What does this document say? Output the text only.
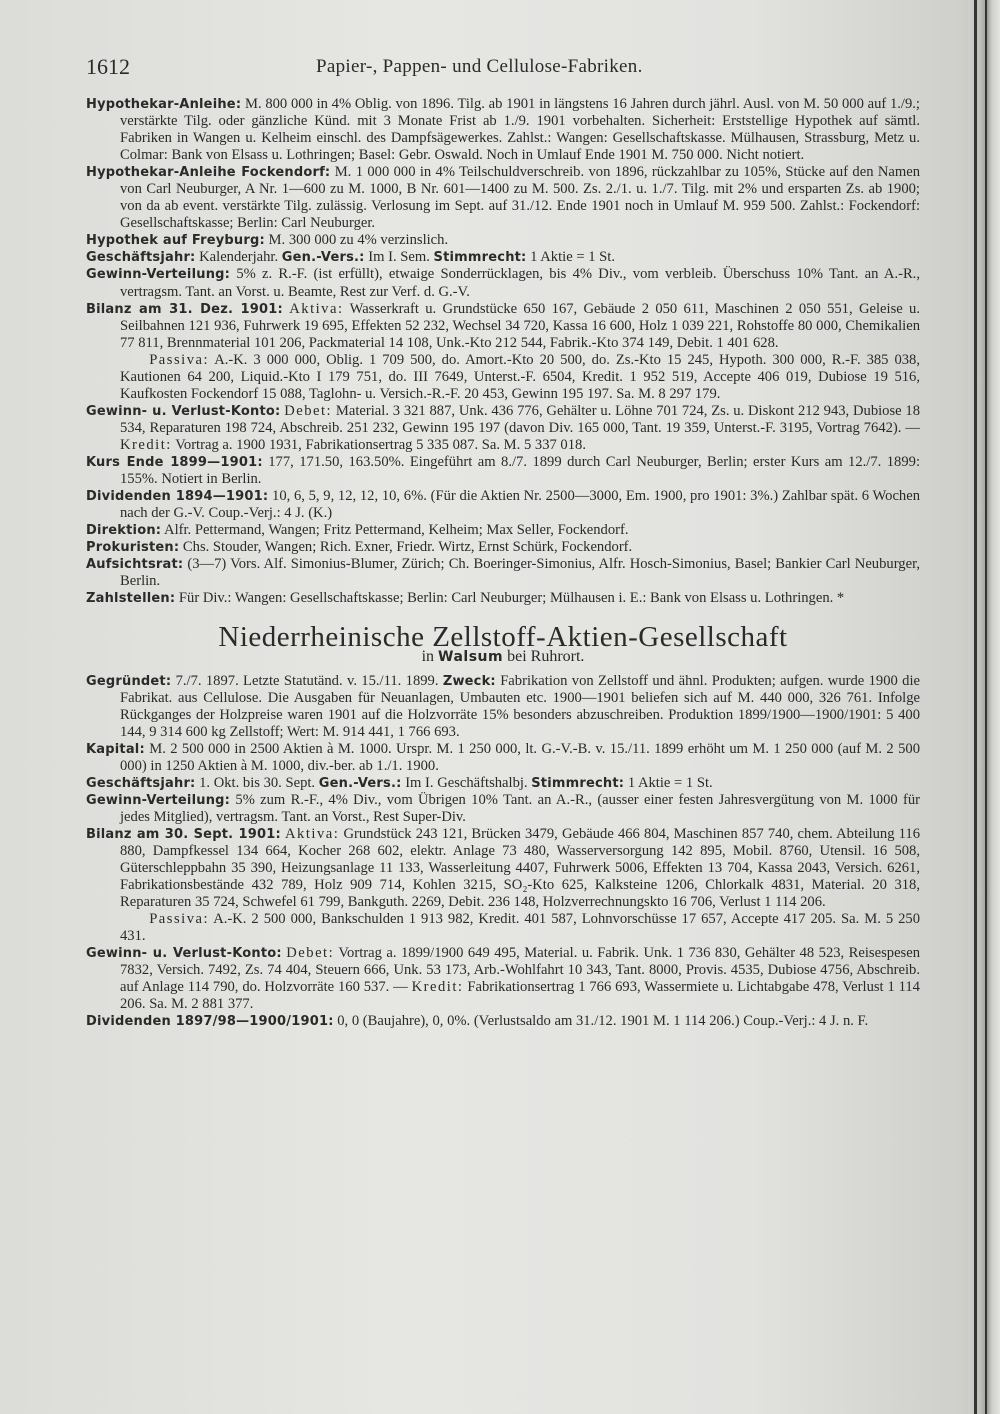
1612	Papier-, Pappen- und Cellulose-Fabriken.

Hypothekar-Anleihe: M. 800 000 in 4% Oblig. von 1896. Tilg. ab 1901 in längstens 16 Jahren durch jährl. Ausl. von M. 50 000 auf 1./9.; verstärkte Tilg. oder gänzliche Künd. mit 3 Monate Frist ab 1./9. 1901 vorbehalten. Sicherheit: Erststellige Hypothek auf sämtl. Fabriken in Wangen u. Kelheim einschl. des Dampfsägewerkes. Zahlst.: Wangen: Gesellschaftskasse. Mülhausen, Strassburg, Metz u. Colmar: Bank von Elsass u. Lothringen; Basel: Gebr. Oswald. Noch in Umlauf Ende 1901 M. 750 000. Nicht notiert.

Hypothekar-Anleihe Fockendorf: M. 1 000 000 in 4% Teilschuldverschreib. von 1896, rückzahlbar zu 105%, Stücke auf den Namen von Carl Neuburger, A Nr. 1—600 zu M. 1000, B Nr. 601—1400 zu M. 500. Zs. 2./1. u. 1./7. Tilg. mit 2% und ersparten Zs. ab 1900; von da ab event. verstärkte Tilg. zulässig. Verlosung im Sept. auf 31./12. Ende 1901 noch in Umlauf M. 959 500. Zahlst.: Fockendorf: Gesellschaftskasse; Berlin: Carl Neuburger.

Hypothek auf Freyburg: M. 300 000 zu 4% verzinslich.

Geschäftsjahr: Kalenderjahr. Gen.-Vers.: Im I. Sem. Stimmrecht: 1 Aktie = 1 St.

Gewinn-Verteilung: 5% z. R.-F. (ist erfüllt), etwaige Sonderrücklagen, bis 4% Div., vom verbleib. Überschuss 10% Tant. an A.-R., vertragsm. Tant. an Vorst. u. Beamte, Rest zur Verf. d. G.-V.

Bilanz am 31. Dez. 1901: Aktiva: Wasserkraft u. Grundstücke 650 167, Gebäude 2 050 611, Maschinen 2 050 551, Geleise u. Seilbahnen 121 936, Fuhrwerk 19 695, Effekten 52 232, Wechsel 34 720, Kassa 16 600, Holz 1 039 221, Rohstoffe 80 000, Chemikalien 77 811, Brennmaterial 101 206, Packmaterial 14 108, Unk.-Kto 212 544, Fabrik.-Kto 374 149, Debit. 1 401 628.

  Passiva: A.-K. 3 000 000, Oblig. 1 709 500, do. Amort.-Kto 20 500, do. Zs.-Kto 15 245, Hypoth. 300 000, R.-F. 385 038, Kautionen 64 200, Liquid.-Kto I 179 751, do. III 7649, Unterst.-F. 6504, Kredit. 1 952 519, Accepte 406 019, Dubiose 19 516, Kaufkosten Fockendorf 15 088, Taglohn- u. Versich.-R.-F. 20 453, Gewinn 195 197. Sa. M. 8 297 179.

Gewinn- u. Verlust-Konto: Debet: Material. 3 321 887, Unk. 436 776, Gehälter u. Löhne 701 724, Zs. u. Diskont 212 943, Dubiose 18 534, Reparaturen 198 724, Abschreib. 251 232, Gewinn 195 197 (davon Div. 165 000, Tant. 19 359, Unterst.-F. 3195, Vortrag 7642). — Kredit: Vortrag a. 1900 1931, Fabrikationsertrag 5 335 087. Sa. M. 5 337 018.

Kurs Ende 1899—1901: 177, 171.50, 163.50%. Eingeführt am 8./7. 1899 durch Carl Neuburger, Berlin; erster Kurs am 12./7. 1899: 155%. Notiert in Berlin.

Dividenden 1894—1901: 10, 6, 5, 9, 12, 12, 10, 6%. (Für die Aktien Nr. 2500—3000, Em. 1900, pro 1901: 3%.) Zahlbar spät. 6 Wochen nach der G.-V. Coup.-Verj.: 4 J. (K.)

Direktion: Alfr. Pettermand, Wangen; Fritz Pettermand, Kelheim; Max Seller, Fockendorf.

Prokuristen: Chs. Stouder, Wangen; Rich. Exner, Friedr. Wirtz, Ernst Schürk, Fockendorf.

Aufsichtsrat: (3—7) Vors. Alf. Simonius-Blumer, Zürich; Ch. Boeringer-Simonius, Alfr. Hosch-Simonius, Basel; Bankier Carl Neuburger, Berlin.

Zahlstellen: Für Div.: Wangen: Gesellschaftskasse; Berlin: Carl Neuburger; Mülhausen i. E.: Bank von Elsass u. Lothringen. *

Niederrheinische Zellstoff-Aktien-Gesellschaft
in Walsum bei Ruhrort.

Gegründet: 7./7. 1897. Letzte Statutänd. v. 15./11. 1899. Zweck: Fabrikation von Zellstoff und ähnl. Produkten; aufgen. wurde 1900 die Fabrikat. aus Cellulose. Die Ausgaben für Neuanlagen, Umbauten etc. 1900—1901 beliefen sich auf M. 440 000, 326 761. Infolge Rückganges der Holzpreise waren 1901 auf die Holzvorräte 15% besonders abzuschreiben. Produktion 1899/1900—1900/1901: 5 400 144, 9 314 600 kg Zellstoff; Wert: M. 914 441, 1 766 693.

Kapital: M. 2 500 000 in 2500 Aktien à M. 1000. Urspr. M. 1 250 000, lt. G.-V.-B. v. 15./11. 1899 erhöht um M. 1 250 000 (auf M. 2 500 000) in 1250 Aktien à M. 1000, div.-ber. ab 1./1. 1900.

Geschäftsjahr: 1. Okt. bis 30. Sept. Gen.-Vers.: Im I. Geschäftshalbj. Stimmrecht: 1 Aktie = 1 St.

Gewinn-Verteilung: 5% zum R.-F., 4% Div., vom Übrigen 10% Tant. an A.-R., (ausser einer festen Jahresvergütung von M. 1000 für jedes Mitglied), vertragsm. Tant. an Vorst., Rest Super-Div.

Bilanz am 30. Sept. 1901: Aktiva: Grundstück 243 121, Brücken 3479, Gebäude 466 804, Maschinen 857 740, chem. Abteilung 116 880, Dampfkessel 134 664, Kocher 268 602, elektr. Anlage 73 480, Wasserversorgung 142 895, Mobil. 8760, Utensil. 16 508, Güterschleppbahn 35 390, Heizungsanlage 11 133, Wasserleitung 4407, Fuhrwerk 5006, Effekten 13 704, Kassa 2043, Versich. 6261, Fabrikationsbestände 432 789, Holz 909 714, Kohlen 3215, SO₂-Kto 625, Kalksteine 1206, Chlorkalk 4831, Material. 20 318, Reparaturen 35 724, Schwefel 61 799, Bankguth. 2269, Debit. 236 148, Holzverrechnungskto 16 706, Verlust 1 114 206.

  Passiva: A.-K. 2 500 000, Bankschulden 1 913 982, Kredit. 401 587, Lohnvorschüsse 17 657, Accepte 417 205. Sa. M. 5 250 431.

Gewinn- u. Verlust-Konto: Debet: Vortrag a. 1899/1900 649 495, Material. u. Fabrik. Unk. 1 736 830, Gehälter 48 523, Reisespesen 7832, Versich. 7492, Zs. 74 404, Steuern 666, Unk. 53 173, Arb.-Wohlfahrt 10 343, Tant. 8000, Provis. 4535, Dubiose 4756, Abschreib. auf Anlage 114 790, do. Holzvorräte 160 537. — Kredit: Fabrikationsertrag 1 766 693, Wassermiete u. Lichtabgabe 478, Verlust 1 114 206. Sa. M. 2 881 377.

Dividenden 1897/98—1900/1901: 0, 0 (Baujahre), 0, 0%. (Verlustsaldo am 31./12. 1901 M. 1 114 206.) Coup.-Verj.: 4 J. n. F.
